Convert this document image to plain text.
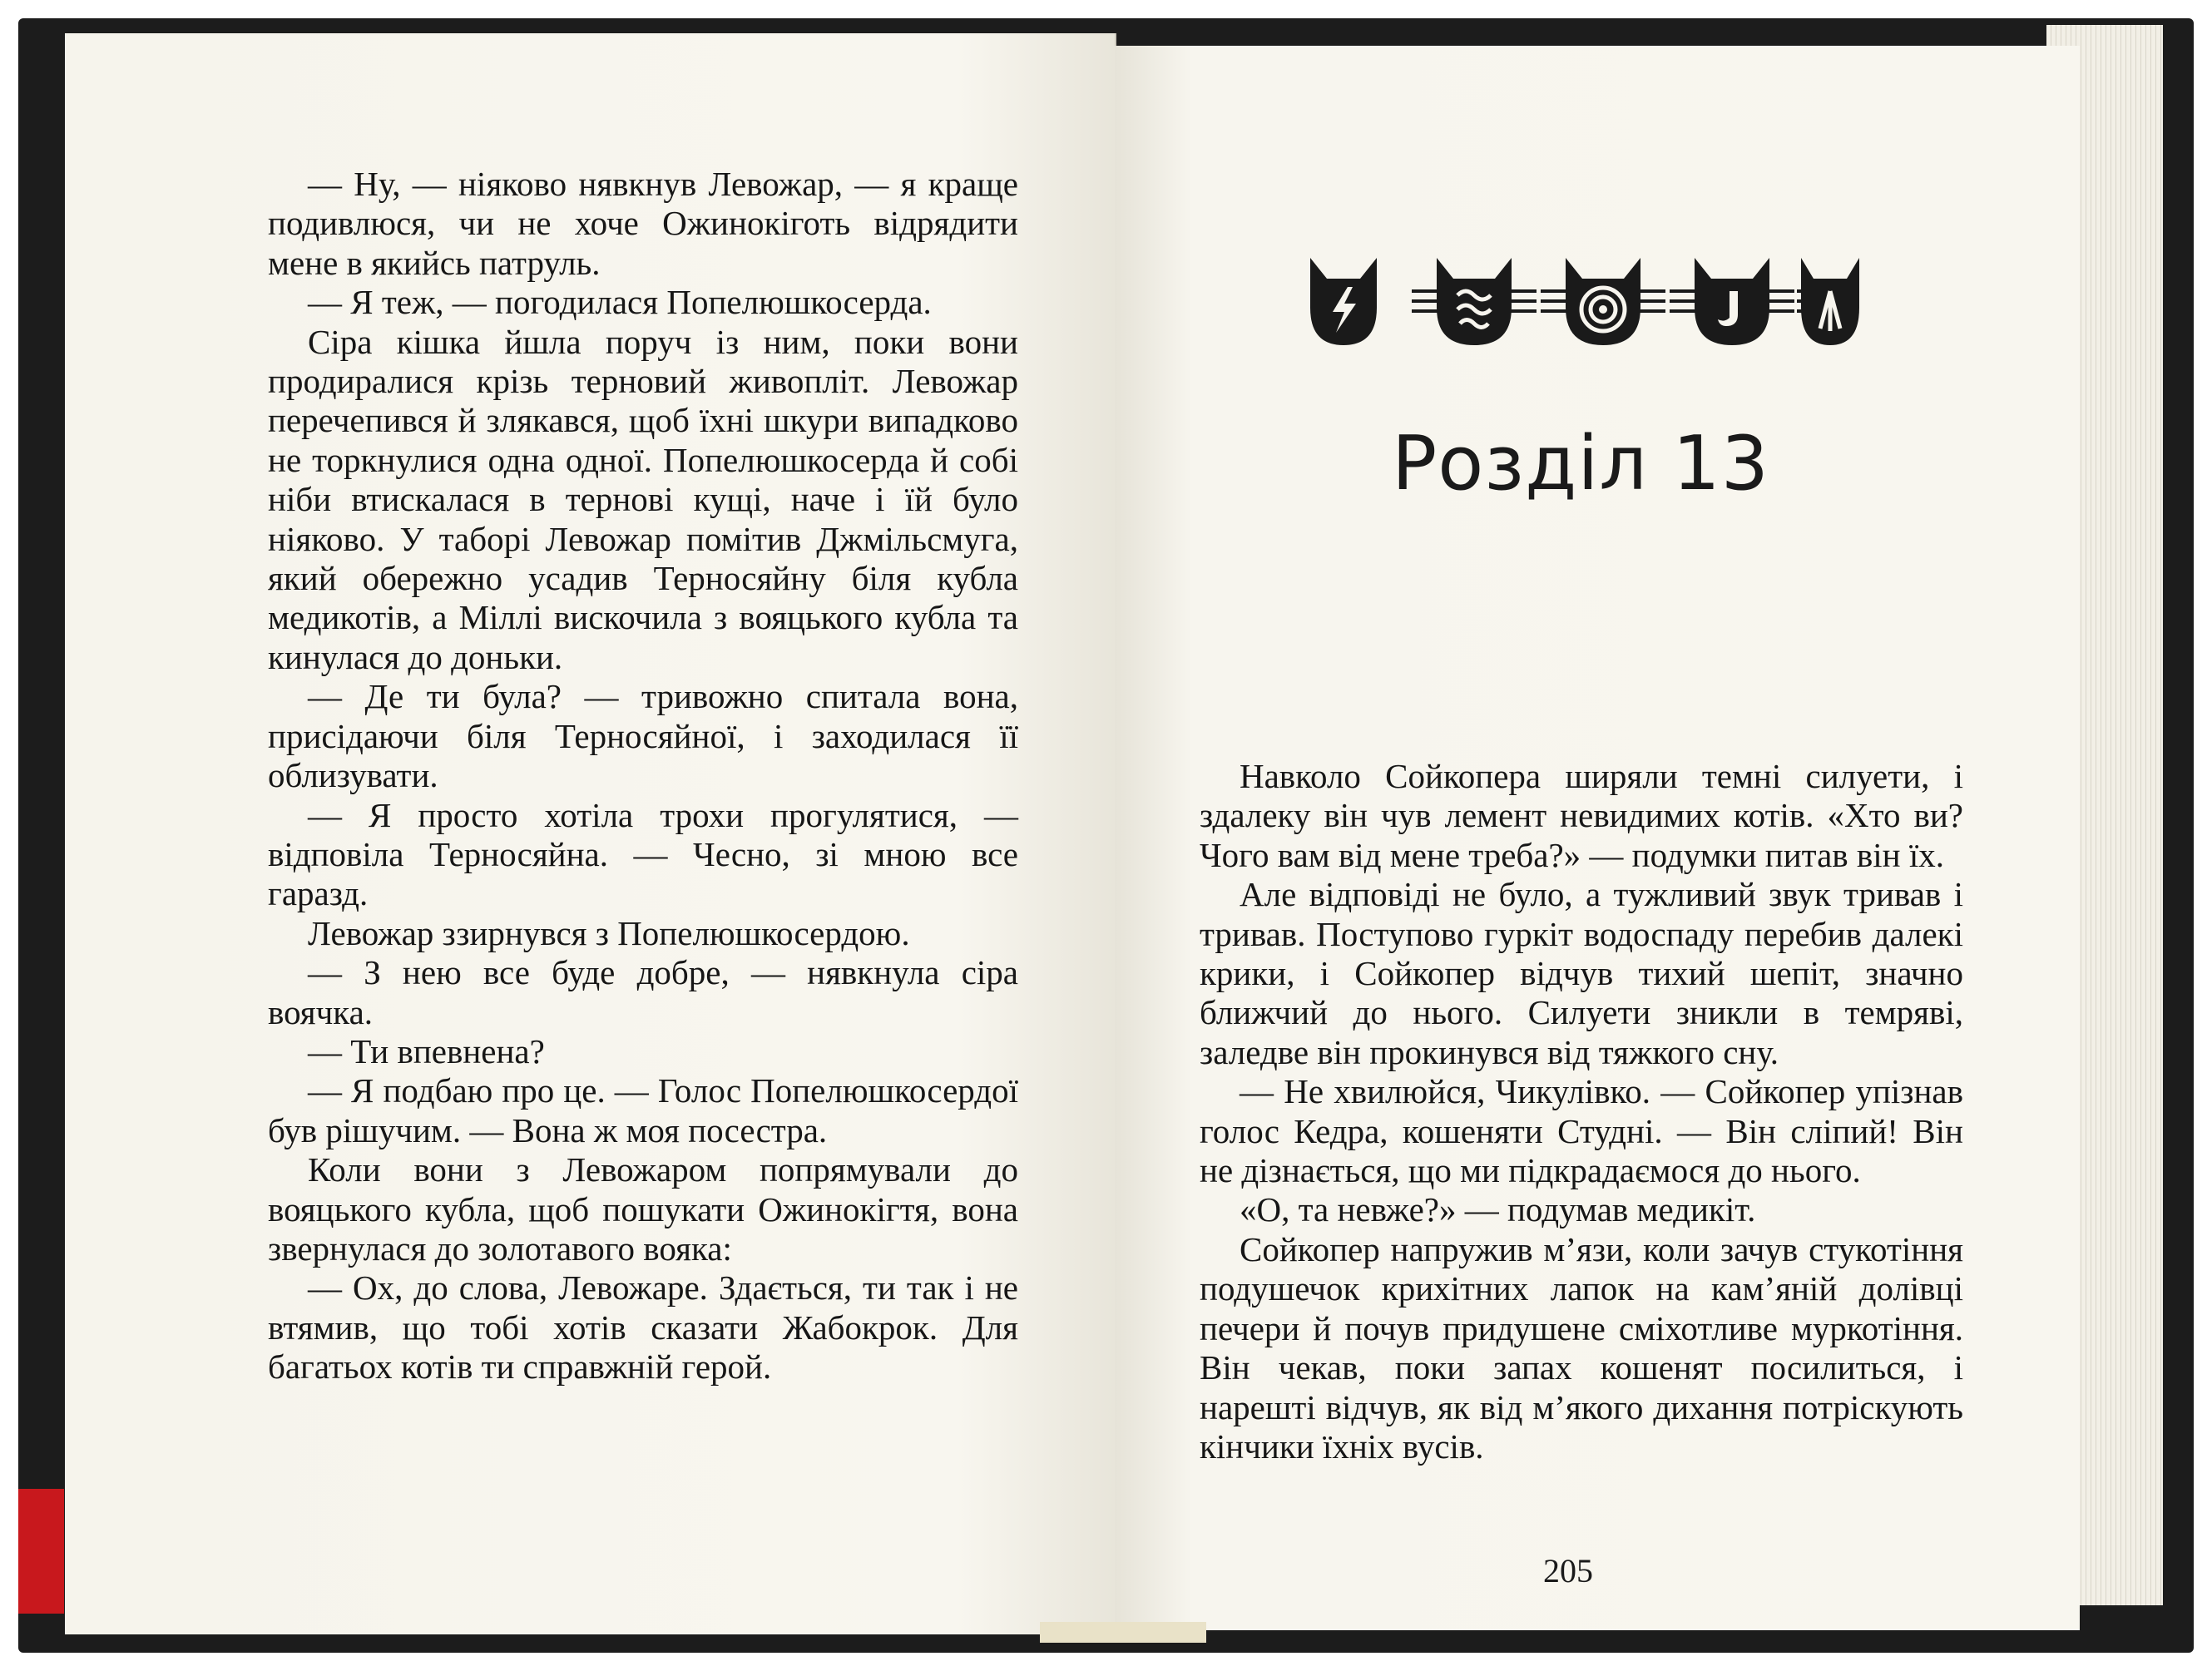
— Ну, — ніяково нявкнув Левожар, — я краще подивлюся, чи не хоче Ожинокіготь відрядити мене в якийсь патруль.

— Я теж, — погодилася Попелюшкосерда.

Сіра кішка йшла поруч із ним, поки вони продиралися крізь терновий живопліт. Левожар перечепився й злякався, щоб їхні шкури випадково не торкнулися одна одної. Попелюшкосерда й собі ніби втискалася в тернові кущі, наче і їй було ніяково. У таборі Левожар помітив Джмільсмуга, який обережно усадив Терносяйну біля кубла медикотів, а Міллі вискочила з вояцького кубла та кинулася до доньки.

— Де ти була? — тривожно спитала вона, присідаючи біля Терносяйної, і заходилася її облизувати.

— Я просто хотіла трохи прогулятися, — відповіла Терносяйна. — Чесно, зі мною все гаразд.

Левожар ззирнувся з Попелюшкосердою.

— З нею все буде добре, — нявкнула сіра воячка.

— Ти впевнена?

— Я подбаю про це. — Голос Попелюшкосердої був рішучим. — Вона ж моя посестра.

Коли вони з Левожаром попрямували до вояцького кубла, щоб пошукати Ожинокігтя, вона звернулася до золотавого вояка:

— Ох, до слова, Левожаре. Здається, ти так і не втямив, що тобі хотів сказати Жабокрок. Для багатьох котів ти справжній герой.

Розділ 13

Навколо Сойкопера ширяли темні силуети, і здалеку він чув лемент невидимих котів. «Хто ви? Чого вам від мене треба?» — подумки питав він їх.

Але відповіді не було, а тужливий звук тривав і тривав. Поступово гуркіт водоспаду перебив далекі крики, і Сойкопер відчув тихий шепіт, значно ближчий до нього. Силуети зникли в темряві, заледве він прокинувся від тяжкого сну.

— Не хвилюйся, Чикулівко. — Сойкопер упізнав голос Кедра, кошеняти Студні. — Він сліпий! Він не дізнається, що ми підкрадаємося до нього.

«О, та невже?» — подумав медикіт.

Сойкопер напружив м’язи, коли зачув стукотіння подушечок крихітних лапок на кам’яній долівці печери й почув придушене сміхотливе муркотіння. Він чекав, поки запах кошенят посилиться, і нарешті відчув, як від м’якого дихання потріскують кінчики їхніх вусів.

205
